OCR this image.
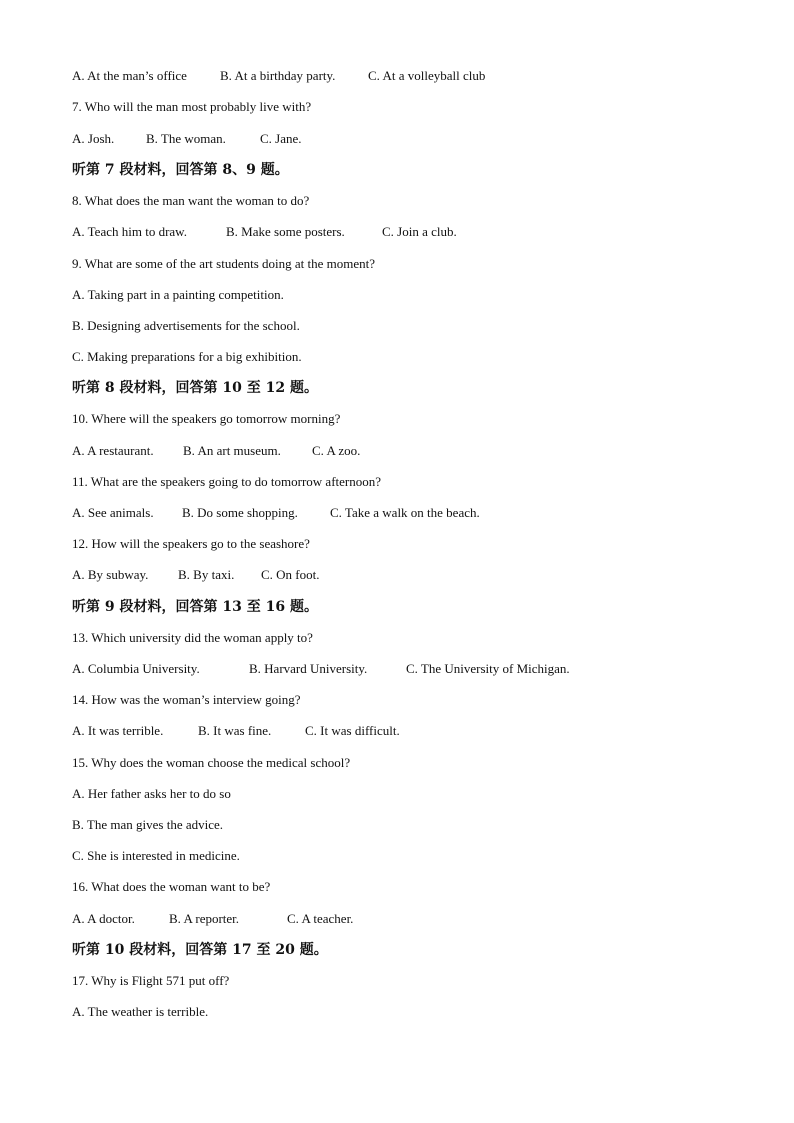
A. At the man’s office	B. At a birthday party.	C. At a volleyball club
7. Who will the man most probably live with?
A. Josh. B. The woman.	C. Jane.
听第 7 段材料，回答第 8、9 题。
8. What does the man want the woman to do?
A. Teach him to draw.	B. Make some posters.	C. Join a club.
9. What are some of the art students doing at the moment?
A. Taking part in a painting competition.
B. Designing advertisements for the school.
C. Making preparations for a big exhibition.
听第 8 段材料，回答第 10 至 12 题。
10. Where will the speakers go tomorrow morning?
A. A restaurant. B. An art museum. C. A zoo.
11. What are the speakers going to do tomorrow afternoon?
A. See animals. B. Do some shopping. C. Take a walk on the beach.
12. How will the speakers go to the seashore?
A. By subway. B. By taxi. C. On foot.
听第 9 段材料，回答第 13 至 16 题。
13. Which university did the woman apply to?
A. Columbia University.	B. Harvard University.	C. The University of Michigan.
14. How was the woman’s interview going?
A. It was terrible.	B. It was fine.	C. It was difficult.
15. Why does the woman choose the medical school?
A. Her father asks her to do so
B. The man gives the advice.
C. She is interested in medicine.
16. What does the woman want to be?
A. A doctor.	B. A reporter.	C. A teacher.
听第 10 段材料，回答第 17 至 20 题。
17. Why is Flight 571 put off?
A. The weather is terrible.
